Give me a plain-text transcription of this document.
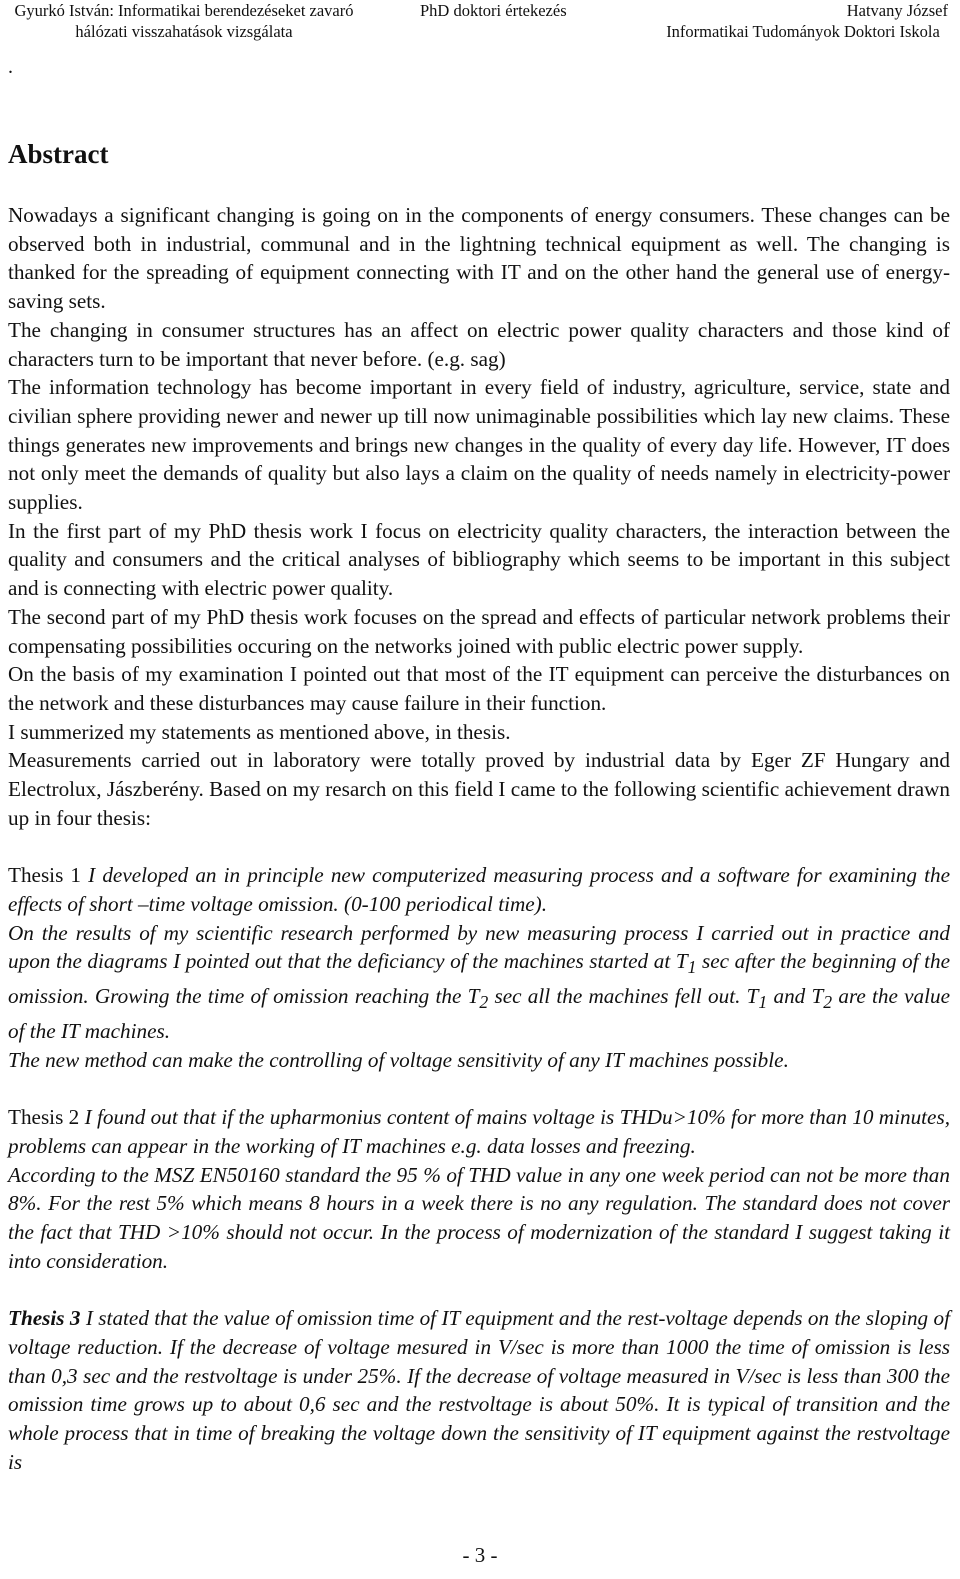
Gyurkó István: Informatikai berendezéseket zavaró
hálózati visszahatások vizsgálata
PhD doktori értekezés	Hatvany József
Informatikai Tudományok Doktori Iskola
.
Abstract

Nowadays a significant changing is going on in the components of energy consumers. These changes can be observed both in industrial, communal and in the lightning technical equipment as well. The changing is thanked for the spreading of equipment connecting with IT and on the other hand the general use of energy-saving sets.

The changing in consumer structures has an affect on electric power quality characters and those kind of characters turn to be important that never before. (e.g. sag)

The information technology has become important in every field of industry, agriculture, service, state and civilian sphere providing newer and newer up till now unimaginable possibilities which lay new claims. These things generates new improvements and brings new changes in the quality of every day life. However, IT does not only meet the demands of quality but also lays a claim on the quality of needs namely in electricity-power supplies.

In the first part of my PhD thesis work I focus on electricity quality characters, the interaction between the quality and consumers and the critical analyses of bibliography which seems to be important in this subject and is connecting with electric power quality.

The second part of my PhD thesis work focuses on the spread and effects of particular network problems their compensating possibilities occuring on the networks joined with public electric power supply.

On the basis of my examination I pointed out that most of the IT equipment can perceive the disturbances on the network and these disturbances may cause failure in their function.

I summerized my statements as mentioned above, in thesis.

Measurements carried out in laboratory were totally proved by industrial data by Eger ZF Hungary and Electrolux, Jászberény. Based on my resarch on this field I came to the following scientific achievement drawn up in four thesis:

Thesis 1 I developed an in principle new computerized measuring process and a software for examining the effects of short –time voltage omission. (0-100 periodical time).

On the results of my scientific research performed by new measuring process I carried out in practice and upon the diagrams I pointed out that the deficiancy of the machines started at $T_1$ sec after the beginning of the omission. Growing the time of omission reaching the $T_2$ sec all the machines fell out. $T_1$ and $T_2$ are the value of the IT machines.

The new method can make the controlling of voltage sensitivity of any IT machines possible.

Thesis 2 I found out that if the upharmonius content of mains voltage is THDu>10% for more than 10 minutes, problems can appear in the working of IT machines e.g. data losses and freezing.

According to the MSZ EN50160 standard the 95 % of THD value in any one week period can not be more than 8%. For the rest 5% which means 8 hours in a week there is no any regulation. The standard does not cover the fact that THD >10% should not occur. In the process of modernization of the standard I suggest taking it into consideration.

Thesis 3 I stated that the value of omission time of IT equipment and the rest-voltage depends on the sloping of voltage reduction. If the decrease of voltage mesured in V/sec is more than 1000 the time of omission is less than 0,3 sec and the restvoltage is under 25%. If the decrease of voltage measured in V/sec is less than 300 the omission time grows up to about 0,6 sec and the restvoltage is about 50%. It is typical of transition and the whole process that in time of breaking the voltage down the sensitivity of IT equipment against the restvoltage is

- 3 -
